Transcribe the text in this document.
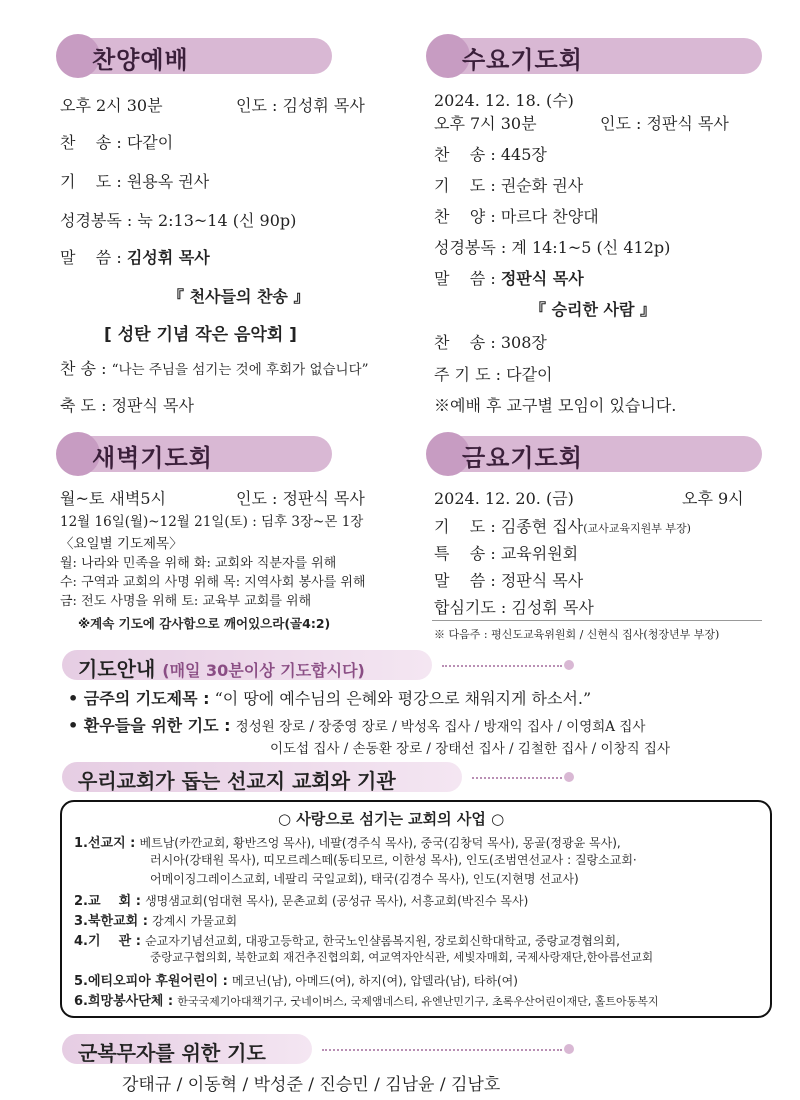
찬양예배
오후 2시 30분	인도 : 김성휘 목사
찬    송 : 다같이
기    도 : 원용옥 권사
성경봉독 : 눅 2:13~14 (신 90p)
말    씀 : 김성휘 목사
『 천사들의 찬송 』
[ 성탄 기념 작은 음악회 ]
찬 송 : “나는 주님을 섬기는 것에 후회가 없습니다”
축 도 : 정판식 목사
수요기도회
2024. 12. 18. (수)
오후 7시 30분	인도 : 정판식 목사
찬    송 : 445장
기    도 : 권순화 권사
찬    양 : 마르다 찬양대
성경봉독 : 계 14:1~5 (신 412p)
말    씀 : 정판식 목사
『 승리한 사람 』
찬    송 : 308장
주 기 도 : 다같이
※예배 후 교구별 모임이 있습니다.
새벽기도회
월~토 새벽5시	인도 : 정판식 목사
12월 16일(월)~12월 21일(토) : 딤후 3장~몬 1장
〈요일별 기도제목〉
월: 나라와 민족을 위해 화: 교회와 직분자를 위해
수: 구역과 교회의 사명 위해 목: 지역사회 봉사를 위해
금: 전도 사명을 위해 토: 교육부 교회를 위해
※계속 기도에 감사함으로 깨어있으라(골4:2)
금요기도회
2024. 12. 20. (금)	오후 9시
기    도 : 김종현 집사(교사교육지원부 부장)
특    송 : 교육위원회
말    씀 : 정판식 목사
합심기도 : 김성휘 목사
※ 다음주 : 평신도교육위원회 / 신현식 집사(청장년부 부장)
기도안내 (매일 30분이상 기도합시다)
• 금주의 기도제목 : “이 땅에 예수님의 은혜와 평강으로 채워지게 하소서.”
• 환우들을 위한 기도 : 정성원 장로 / 장중영 장로 / 박성옥 집사 / 방재익 집사 / 이영희A 집사
이도섭 집사 / 손동환 장로 / 장태선 집사 / 김철한 집사 / 이창직 집사
우리교회가 돕는 선교지 교회와 기관
○ 사랑으로 섬기는 교회의 사업 ○
1.선교지 : 베트남(카깐교회, 황반즈엉 목사), 네팔(경주식 목사), 중국(김창덕 목사), 몽골(정광윤 목사),
러시아(강태원 목사), 띠모르레스떼(동티모르, 이한성 목사), 인도(조범연선교사 : 질랑소교회·
어메이징그레이스교회, 네팔리 국일교회), 태국(김경수 목사), 인도(지현명 선교사)
2.교    회 : 생명샘교회(엄대현 목사), 문촌교회 (공성규 목사), 서흥교회(박진수 목사)
3.북한교회 : 강계시 가물교회
4.기    관 : 순교자기념선교회, 대광고등학교, 한국노인샬롬복지원, 장로회신학대학교, 중랑교경협의회,
중랑교구협의회, 북한교회 재건추진협의회, 여교역자안식관, 세빛자매회, 국제사랑재단,한아름선교회
5.에티오피아 후원어린이 : 메코닌(남), 아메드(여), 하지(여), 압델라(남), 타하(여)
6.희망봉사단체 : 한국국제기아대책기구, 굿네이버스, 국제앰네스티, 유엔난민기구, 초록우산어린이재단, 홀트아동복지
군복무자를 위한 기도
강태규 / 이동혁 / 박성준 / 진승민 / 김남윤 / 김남호
